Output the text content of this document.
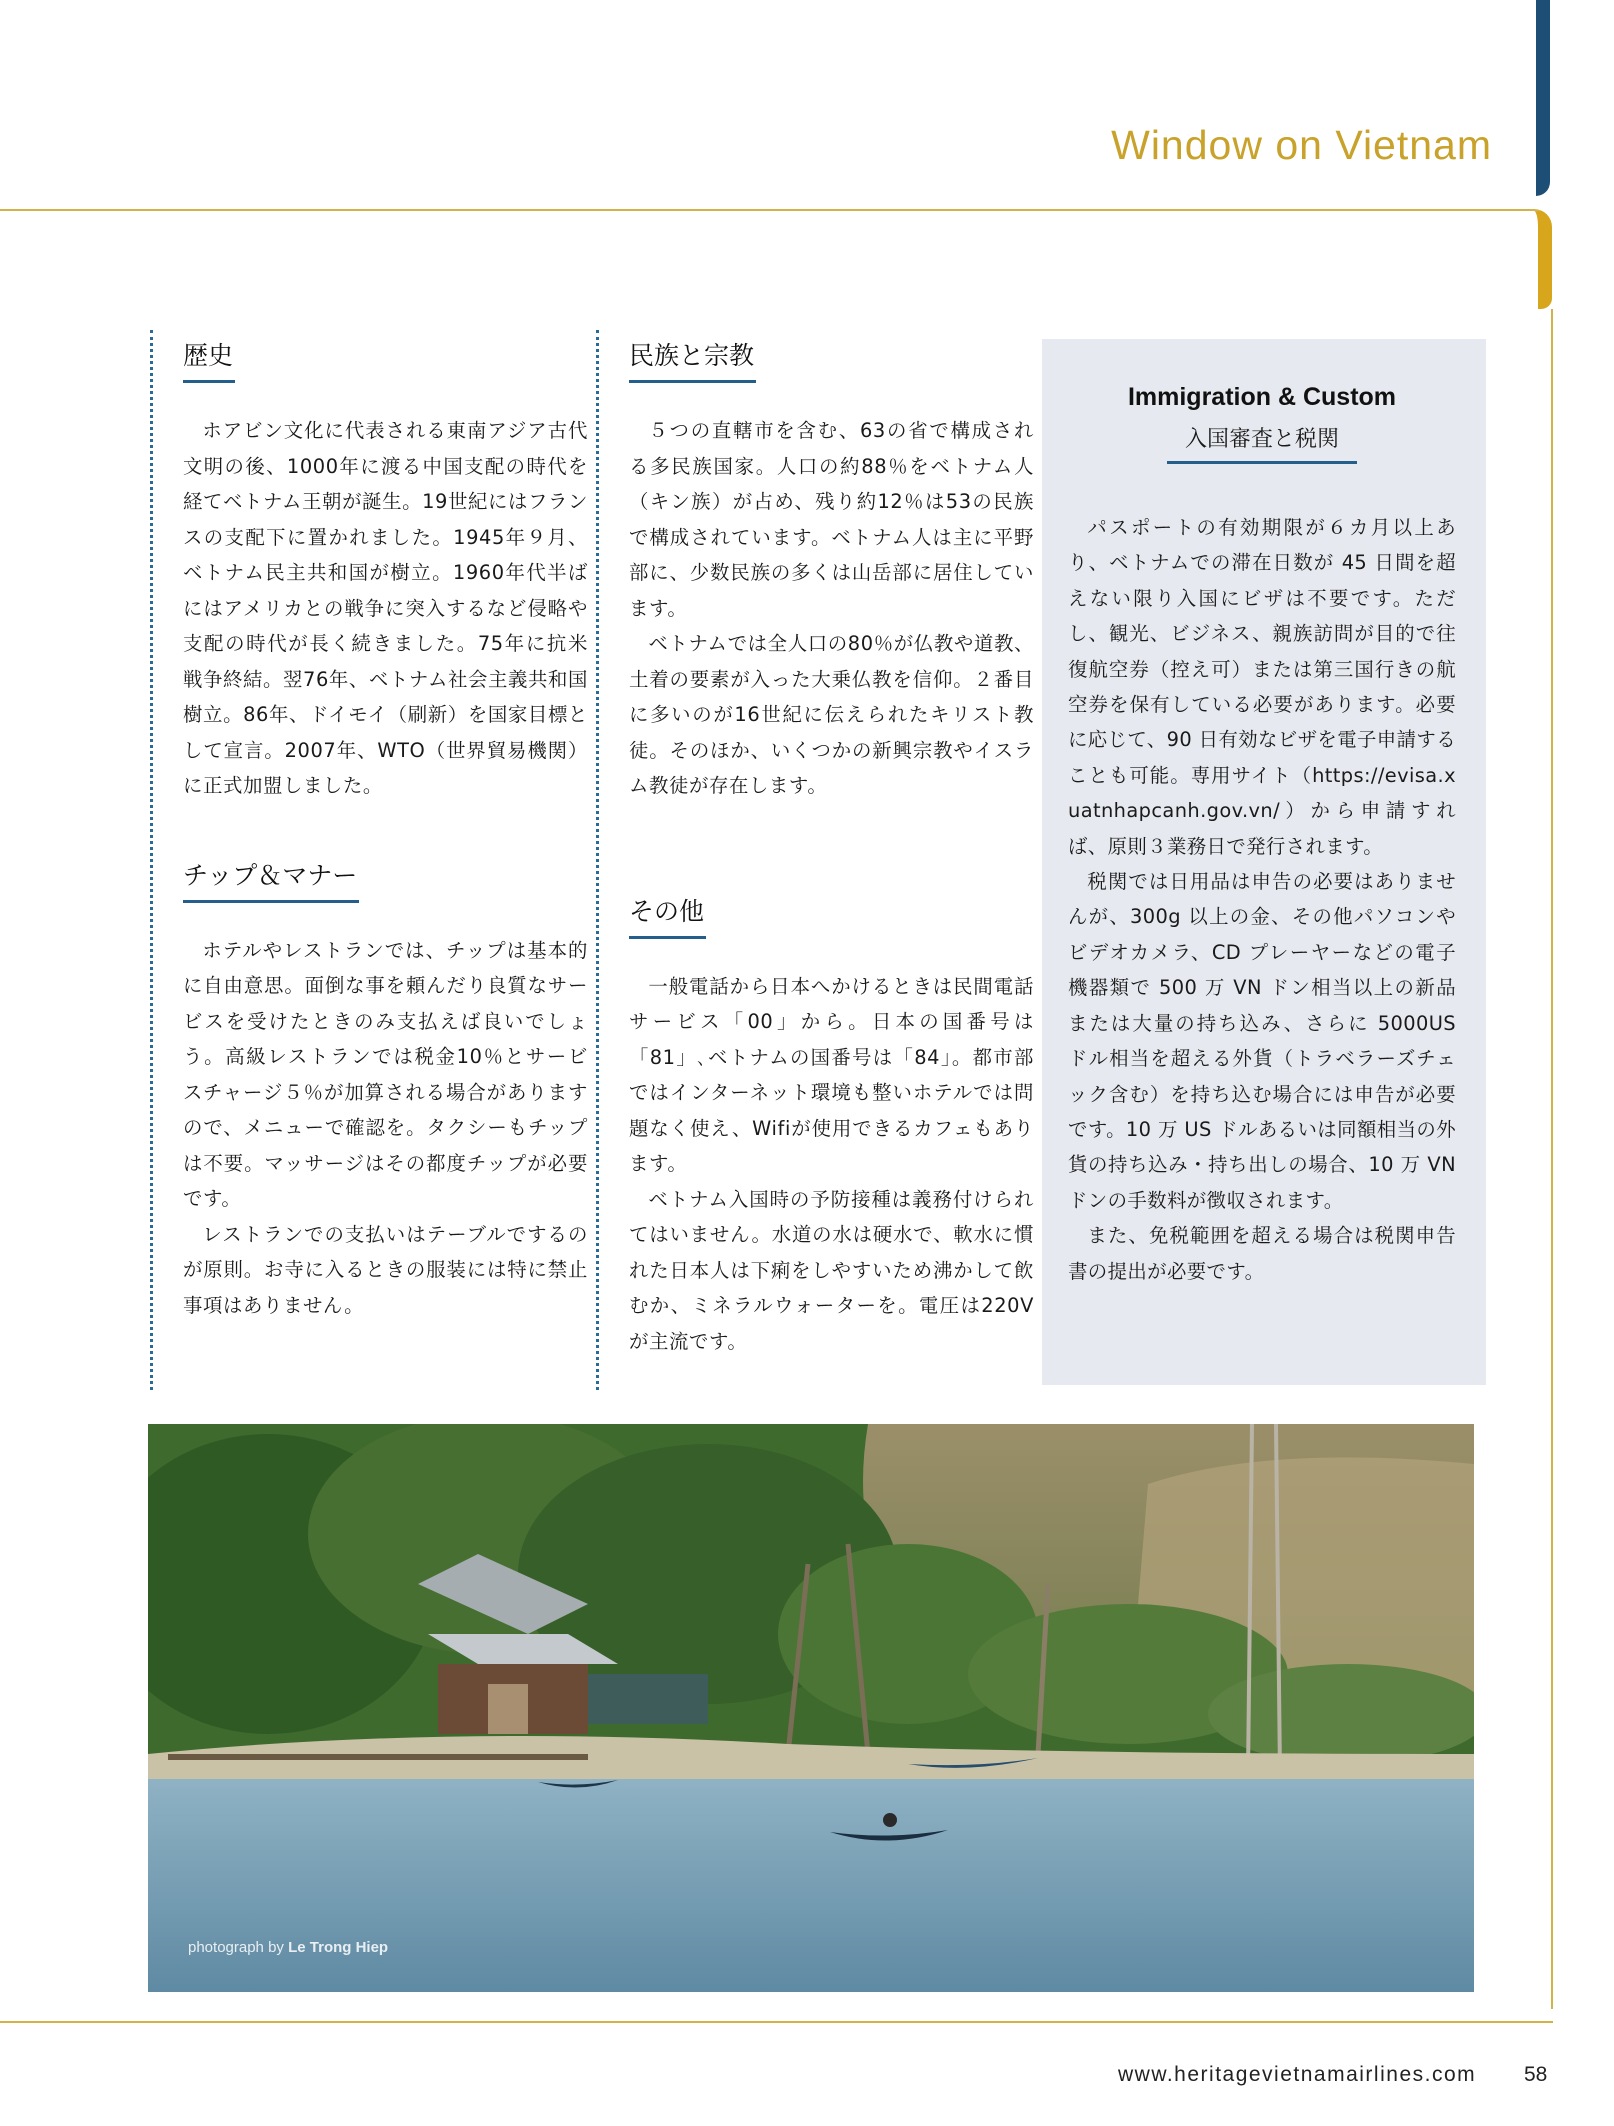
Window on Vietnam
歴史

ホアビン文化に代表される東南アジア古代文明の後、1000年に渡る中国支配の時代を経てベトナム王朝が誕生。19世紀にはフランスの支配下に置かれました。1945年９月、ベトナム民主共和国が樹立。1960年代半ばにはアメリカとの戦争に突入するなど侵略や支配の時代が長く続きました。75年に抗米戦争終結。翌76年、ベトナム社会主義共和国樹立。86年、ドイモイ（刷新）を国家目標として宣言。2007年、WTO（世界貿易機関）に正式加盟しました。

チップ＆マナー

ホテルやレストランでは、チップは基本的に自由意思。面倒な事を頼んだり良質なサービスを受けたときのみ支払えば良いでしょう。高級レストランでは税金10％とサービスチャージ５％が加算される場合がありますので、メニューで確認を。タクシーもチップは不要。マッサージはその都度チップが必要です。

レストランでの支払いはテーブルでするのが原則。お寺に入るときの服装には特に禁止事項はありません。

民族と宗教

５つの直轄市を含む、63の省で構成される多民族国家。人口の約88％をベトナム人（キン族）が占め、残り約12％は53の民族で構成されています。ベトナム人は主に平野部に、少数民族の多くは山岳部に居住しています。

ベトナムでは全人口の80％が仏教や道教、土着の要素が入った大乗仏教を信仰。２番目に多いのが16世紀に伝えられたキリスト教徒。そのほか、いくつかの新興宗教やイスラム教徒が存在します。

その他

一般電話から日本へかけるときは民間電話サービス「00」から。日本の国番号は「81」､ベトナムの国番号は「84」。都市部ではインターネット環境も整いホテルでは問題なく使え、Wifiが使用できるカフェもあります。

ベトナム入国時の予防接種は義務付けられてはいません。水道の水は硬水で、軟水に慣れた日本人は下痢をしやすいため沸かして飲むか、ミネラルウォーターを。電圧は220Vが主流です。

Immigration & Custom

入国審査と税関

パスポートの有効期限が６カ月以上あり、ベトナムでの滞在日数が 45 日間を超えない限り入国にビザは不要です。ただし、観光、ビジネス、親族訪問が目的で往復航空券（控え可）または第三国行きの航空券を保有している必要があります。必要に応じて、90 日有効なビザを電子申請することも可能。専用サイト（https://evisa.xuatnhapcanh.gov.vn/）から申請すれば、原則３業務日で発行されます。

税関では日用品は申告の必要はありませんが、300g 以上の金、その他パソコンやビデオカメラ、CD プレーヤーなどの電子機器類で 500 万 VN ドン相当以上の新品または大量の持ち込み、さらに 5000US ドル相当を超える外貨（トラベラーズチェック含む）を持ち込む場合には申告が必要です。10 万 US ドルあるいは同額相当の外貨の持ち込み・持ち出しの場合、10 万 VN ドンの手数料が徴収されます。

また、免税範囲を超える場合は税関申告書の提出が必要です。

photograph by Le Trong Hiep
www.heritagevietnamairlines.com 58
